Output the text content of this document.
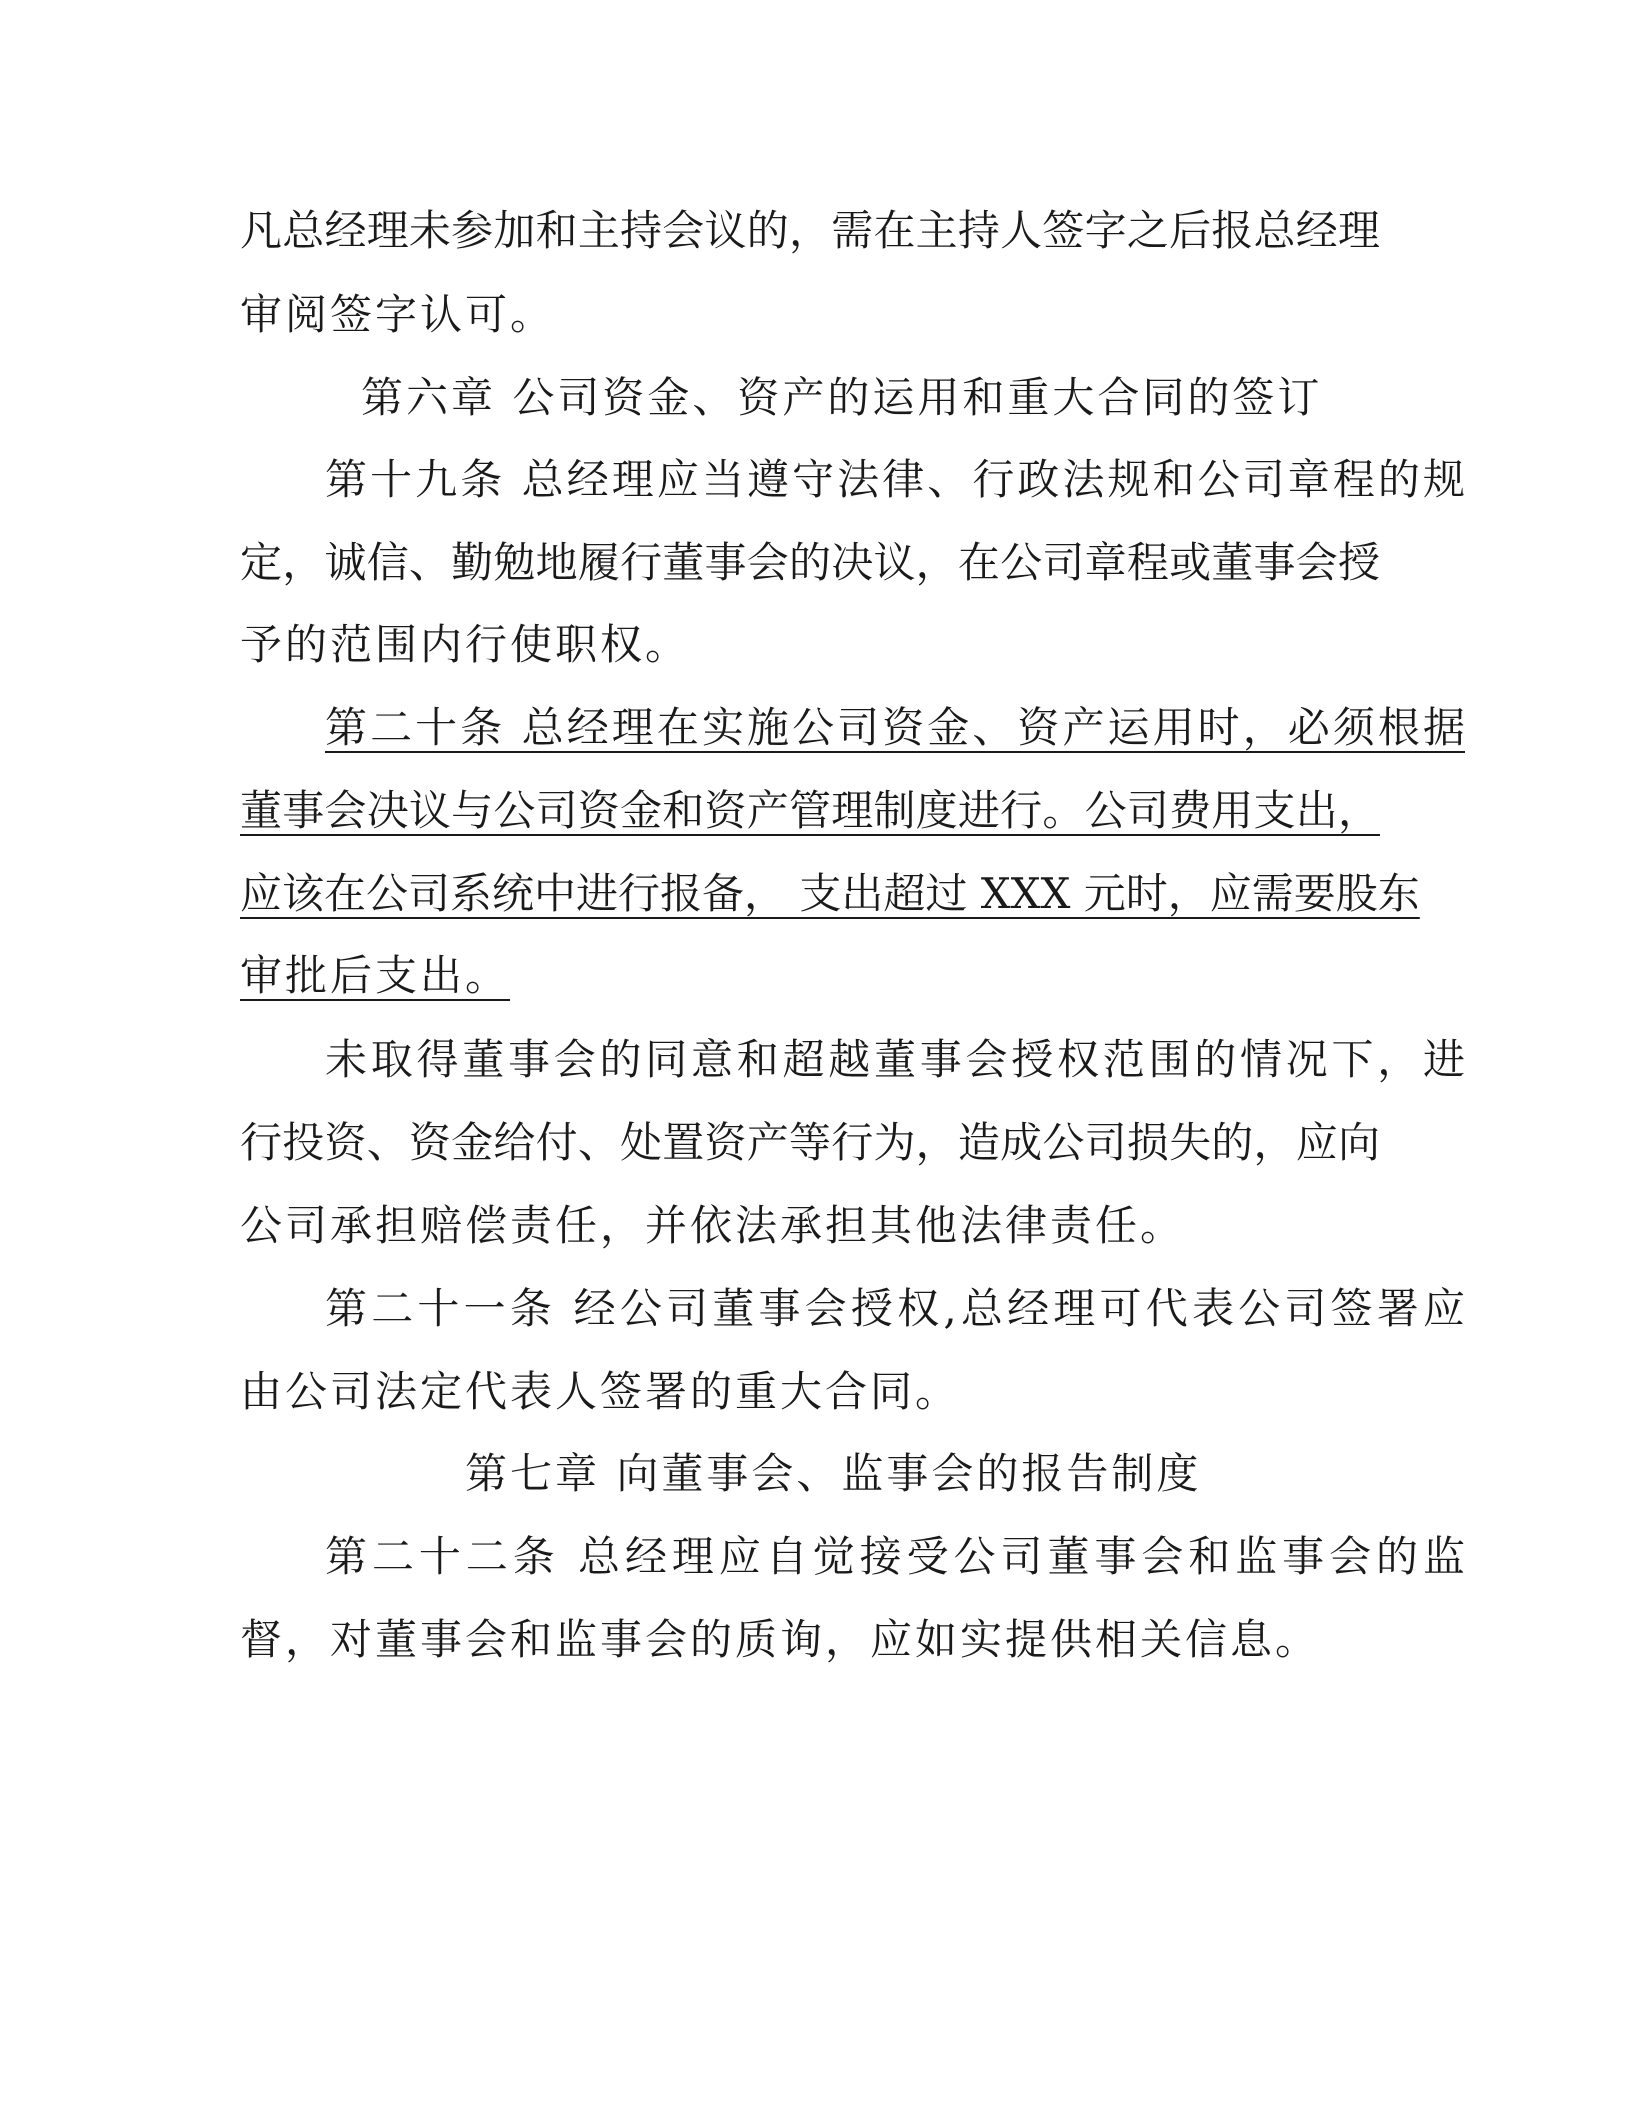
凡总经理未参加和主持会议的，需在主持人签字之后报总经理
审阅签字认可。
第六章 公司资金、资产的运用和重大合同的签订
第十九条 总经理应当遵守法律、行政法规和公司章程的规
定，诚信、勤勉地履行董事会的决议，在公司章程或董事会授
予的范围内行使职权。
第二十条 总经理在实施公司资金、资产运用时，必须根据
董事会决议与公司资金和资产管理制度进行。公司费用支出，
应该在公司系统中进行报备， 支出超过 XXX 元时，应需要股东
审批后支出。
未取得董事会的同意和超越董事会授权范围的情况下，进
行投资、资金给付、处置资产等行为，造成公司损失的，应向
公司承担赔偿责任，并依法承担其他法律责任。
第二十一条 经公司董事会授权,总经理可代表公司签署应
由公司法定代表人签署的重大合同。
第七章 向董事会、监事会的报告制度
第二十二条 总经理应自觉接受公司董事会和监事会的监
督，对董事会和监事会的质询，应如实提供相关信息。
